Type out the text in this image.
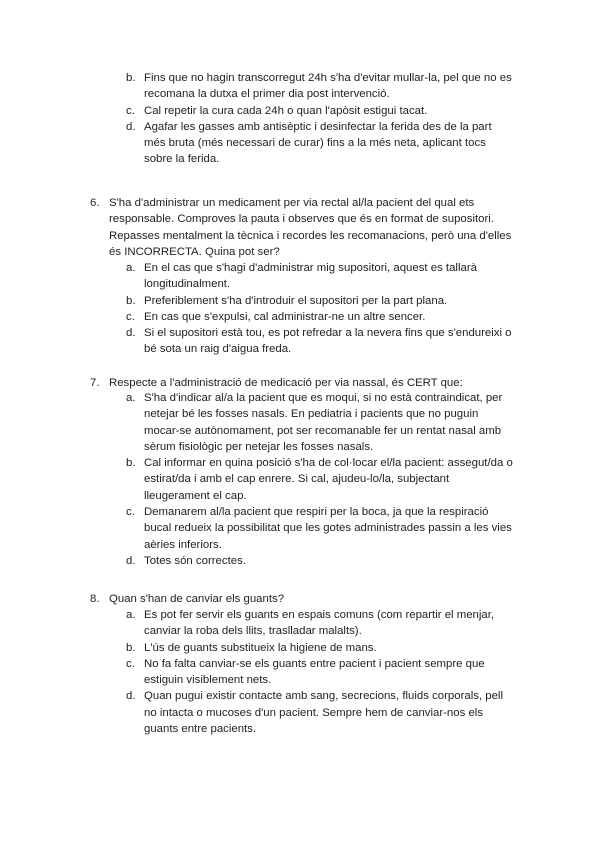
b. Fins que no hagin transcorregut 24h s'ha d'evitar mullar-la, pel que no es recomana la dutxa el primer dia post intervenció.
c. Cal repetir la cura cada 24h o quan l'apòsit estigui tacat.
d. Agafar les gasses amb antisèptic i desinfectar la ferida des de la part més bruta (més necessari de curar) fins a la més neta, aplicant tocs sobre la ferida.
6. S'ha d'administrar un medicament per via rectal al/la pacient del qual ets responsable. Comproves la pauta i observes que és en format de supositori. Repasses mentalment la tècnica i recordes les recomanacions, però una d'elles és INCORRECTA. Quina pot ser?
a. En el cas que s'hagi d'administrar mig supositori, aquest es tallarà longitudinalment.
b. Preferiblement s'ha d'introduir el supositori per la part plana.
c. En cas que s'expulsi, cal administrar-ne un altre sencer.
d. Si el supositori està tou, es pot refredar a la nevera fins que s'endureixi o bé sota un raig d'aigua freda.
7. Respecte a l'administració de medicació per via nassal, és CERT que:
a. S'ha d'indicar al/a la pacient que es moqui, si no està contraindicat, per netejar bé les fosses nasals. En pediatria i pacients que no puguin mocar-se autònomament, pot ser recomanable fer un rentat nasal amb sèrum fisiològic per netejar les fosses nasals.
b. Cal informar en quina posició s'ha de col·locar el/la pacient: assegut/da o estirat/da i amb el cap enrere. Si cal, ajudeu-lo/la, subjectant lleugerament el cap.
c. Demanarem al/la pacient que respiri per la boca, ja que la respiració bucal redueix la possibilitat que les gotes administrades passin a les vies aèries inferiors.
d. Totes són correctes.
8. Quan s'han de canviar els guants?
a. Es pot fer servir els guants en espais comuns (com repartir el menjar, canviar la roba dels llits, traslladar malalts).
b. L'ús de guants substitueix la higiene de mans.
c. No fa falta canviar-se els guants entre pacient i pacient sempre que estiguin visiblement nets.
d. Quan pugui existir contacte amb sang, secrecions, fluids corporals, pell no intacta o mucoses d'un pacient. Sempre hem de canviar-nos els guants entre pacients.
